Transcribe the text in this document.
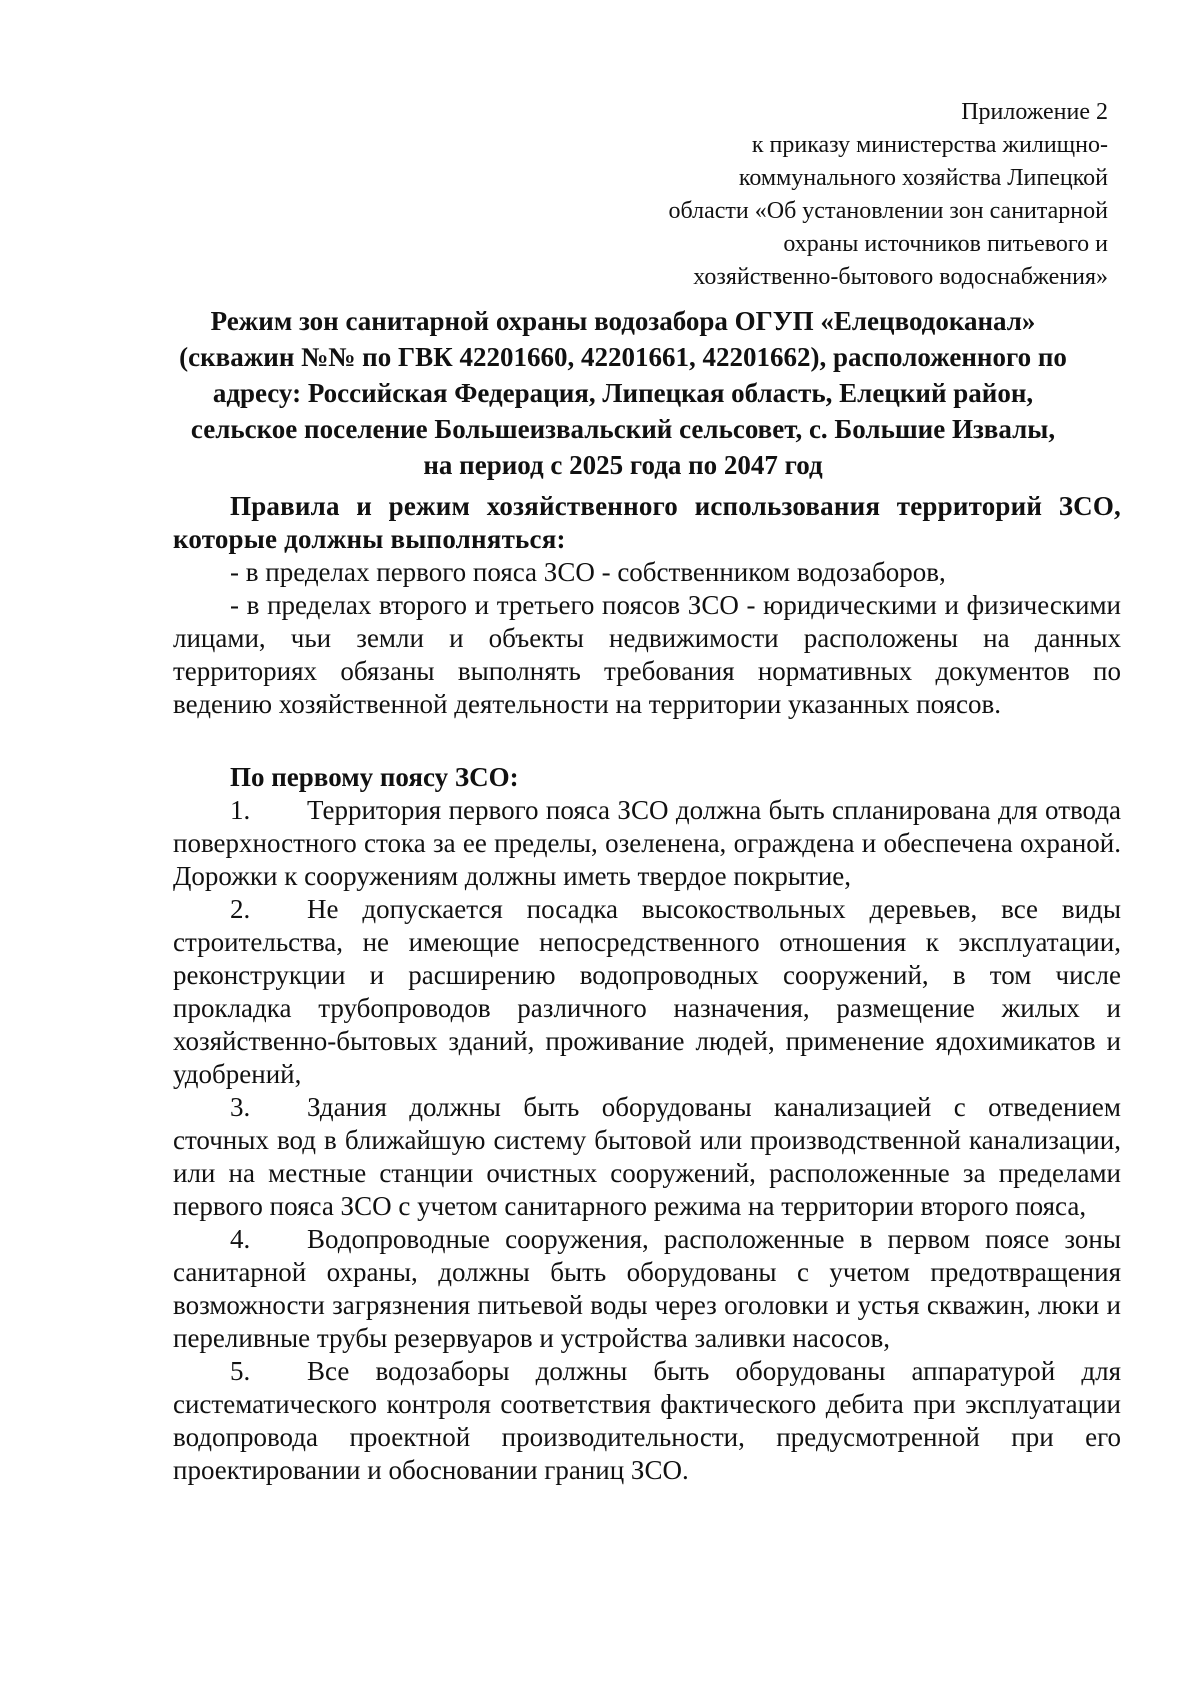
Приложение 2
к приказу министерства жилищно-
коммунального хозяйства Липецкой
области «Об установлении зон санитарной
охраны источников питьевого и
хозяйственно-бытового водоснабжения»
Режим зон санитарной охраны водозабора ОГУП «Елецводоканал»
(скважин №№ по ГВК 42201660, 42201661, 42201662), расположенного по
адресу: Российская Федерация, Липецкая область, Елецкий район,
сельское поселение Большеизвальский сельсовет, с. Большие Извалы,
на период с 2025 года по 2047 год

Правила и режим хозяйственного использования территорий ЗСО, которые должны выполняться:

- в пределах первого пояса ЗСО - собственником водозаборов,

- в пределах второго и третьего поясов ЗСО - юридическими и физическими лицами, чьи земли и объекты недвижимости расположены на данных территориях обязаны выполнять требования нормативных документов по ведению хозяйственной деятельности на территории указанных поясов.

По первому поясу ЗСО:

1. Территория первого пояса ЗСО должна быть спланирована для отвода поверхностного стока за ее пределы, озеленена, ограждена и обеспечена охраной. Дорожки к сооружениям должны иметь твердое покрытие,

2. Не допускается посадка высокоствольных деревьев, все виды строительства, не имеющие непосредственного отношения к эксплуатации, реконструкции и расширению водопроводных сооружений, в том числе прокладка трубопроводов различного назначения, размещение жилых и хозяйственно-бытовых зданий, проживание людей, применение ядохимикатов и удобрений,

3. Здания должны быть оборудованы канализацией с отведением сточных вод в ближайшую систему бытовой или производственной канализации, или на местные станции очистных сооружений, расположенные за пределами первого пояса ЗСО с учетом санитарного режима на территории второго пояса,

4. Водопроводные сооружения, расположенные в первом поясе зоны санитарной охраны, должны быть оборудованы с учетом предотвращения возможности загрязнения питьевой воды через оголовки и устья скважин, люки и переливные трубы резервуаров и устройства заливки насосов,

5. Все водозаборы должны быть оборудованы аппаратурой для систематического контроля соответствия фактического дебита при эксплуатации водопровода проектной производительности, предусмотренной при его проектировании и обосновании границ ЗСО.
